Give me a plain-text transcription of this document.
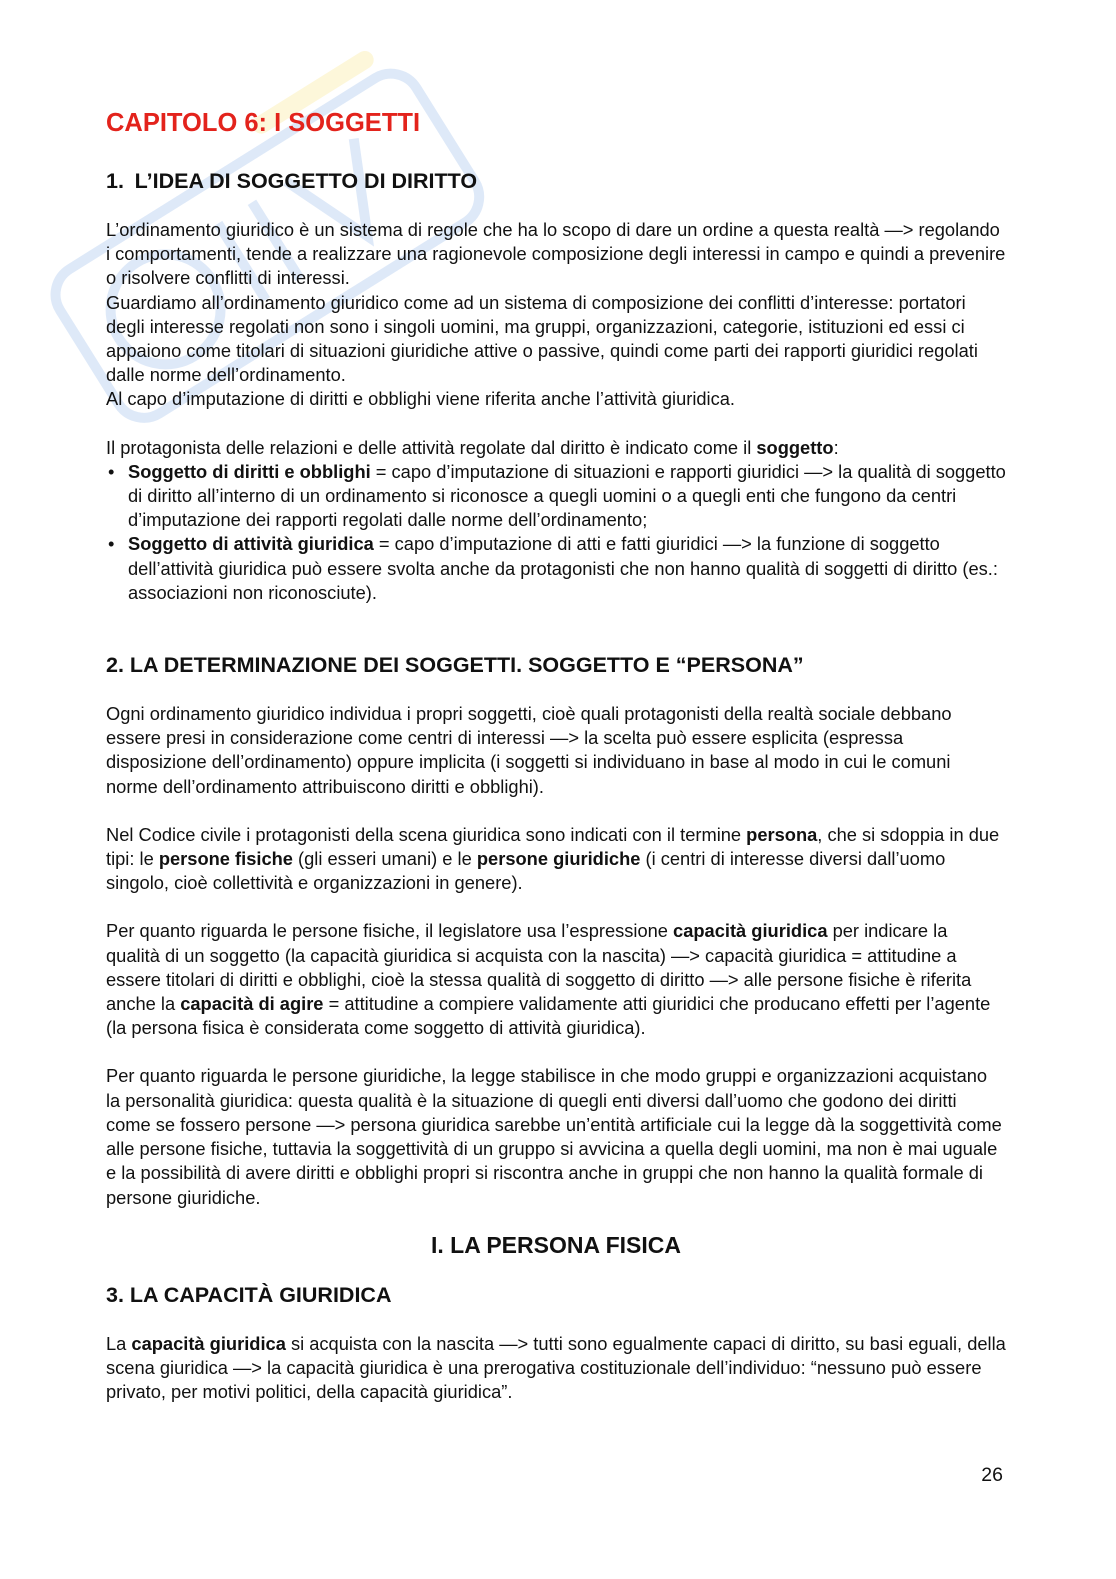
CAPITOLO 6: I SOGGETTI
1. L’IDEA DI SOGGETTO DI DIRITTO

L’ordinamento giuridico è un sistema di regole che ha lo scopo di dare un ordine a questa realtà —> regolando i comportamenti, tende a realizzare una ragionevole composizione degli interessi in campo e quindi a prevenire o risolvere conflitti di interessi.

Guardiamo all’ordinamento giuridico come ad un sistema di composizione dei conflitti d’interesse: portatori degli interesse regolati non sono i singoli uomini, ma gruppi, organizzazioni, categorie, istituzioni ed essi ci appaiono come titolari di situazioni giuridiche attive o passive, quindi come parti dei rapporti giuridici regolati dalle norme dell’ordinamento.

Al capo d’imputazione di diritti e obblighi viene riferita anche l’attività giuridica.

Il protagonista delle relazioni e delle attività regolate dal diritto è indicato come il soggetto:

• Soggetto di diritti e obblighi = capo d’imputazione di situazioni e rapporti giuridici —> la qualità di soggetto di diritto all’interno di un ordinamento si riconosce a quegli uomini o a quegli enti che fungono da centri d’imputazione dei rapporti regolati dalle norme dell’ordinamento;
• Soggetto di attività giuridica = capo d’imputazione di atti e fatti giuridici —> la funzione di soggetto dell’attività giuridica può essere svolta anche da protagonisti che non hanno qualità di soggetti di diritto (es.: associazioni non riconosciute).
2. LA DETERMINAZIONE DEI SOGGETTI. SOGGETTO E “PERSONA”

Ogni ordinamento giuridico individua i propri soggetti, cioè quali protagonisti della realtà sociale debbano essere presi in considerazione come centri di interessi —> la scelta può essere esplicita (espressa disposizione dell’ordinamento) oppure implicita (i soggetti si individuano in base al modo in cui le comuni norme dell’ordinamento attribuiscono diritti e obblighi).

Nel Codice civile i protagonisti della scena giuridica sono indicati con il termine persona, che si sdoppia in due tipi: le persone fisiche (gli esseri umani) e le persone giuridiche (i centri di interesse diversi dall’uomo singolo, cioè collettività e organizzazioni in genere).

Per quanto riguarda le persone fisiche, il legislatore usa l’espressione capacità giuridica per indicare la qualità di un soggetto (la capacità giuridica si acquista con la nascita) —> capacità giuridica = attitudine a essere titolari di diritti e obblighi, cioè la stessa qualità di soggetto di diritto —> alle persone fisiche è riferita anche la capacità di agire = attitudine a compiere validamente atti giuridici che producano effetti per l’agente (la persona fisica è considerata come soggetto di attività giuridica).

Per quanto riguarda le persone giuridiche, la legge stabilisce in che modo gruppi e organizzazioni acquistano la personalità giuridica: questa qualità è la situazione di quegli enti diversi dall’uomo che godono dei diritti come se fossero persone —> persona giuridica sarebbe un’entità artificiale cui la legge dà la soggettività come alle persone fisiche, tuttavia la soggettività di un gruppo si avvicina a quella degli uomini, ma non è mai uguale e la possibilità di avere diritti e obblighi propri si riscontra anche in gruppi che non hanno la qualità formale di persone giuridiche.

I. LA PERSONA FISICA
3. LA CAPACITÀ GIURIDICA

La capacità giuridica si acquista con la nascita —> tutti sono egualmente capaci di diritto, su basi eguali, della scena giuridica —> la capacità giuridica è una prerogativa costituzionale dell’individuo: “nessuno può essere privato, per motivi politici, della capacità giuridica”.

26
